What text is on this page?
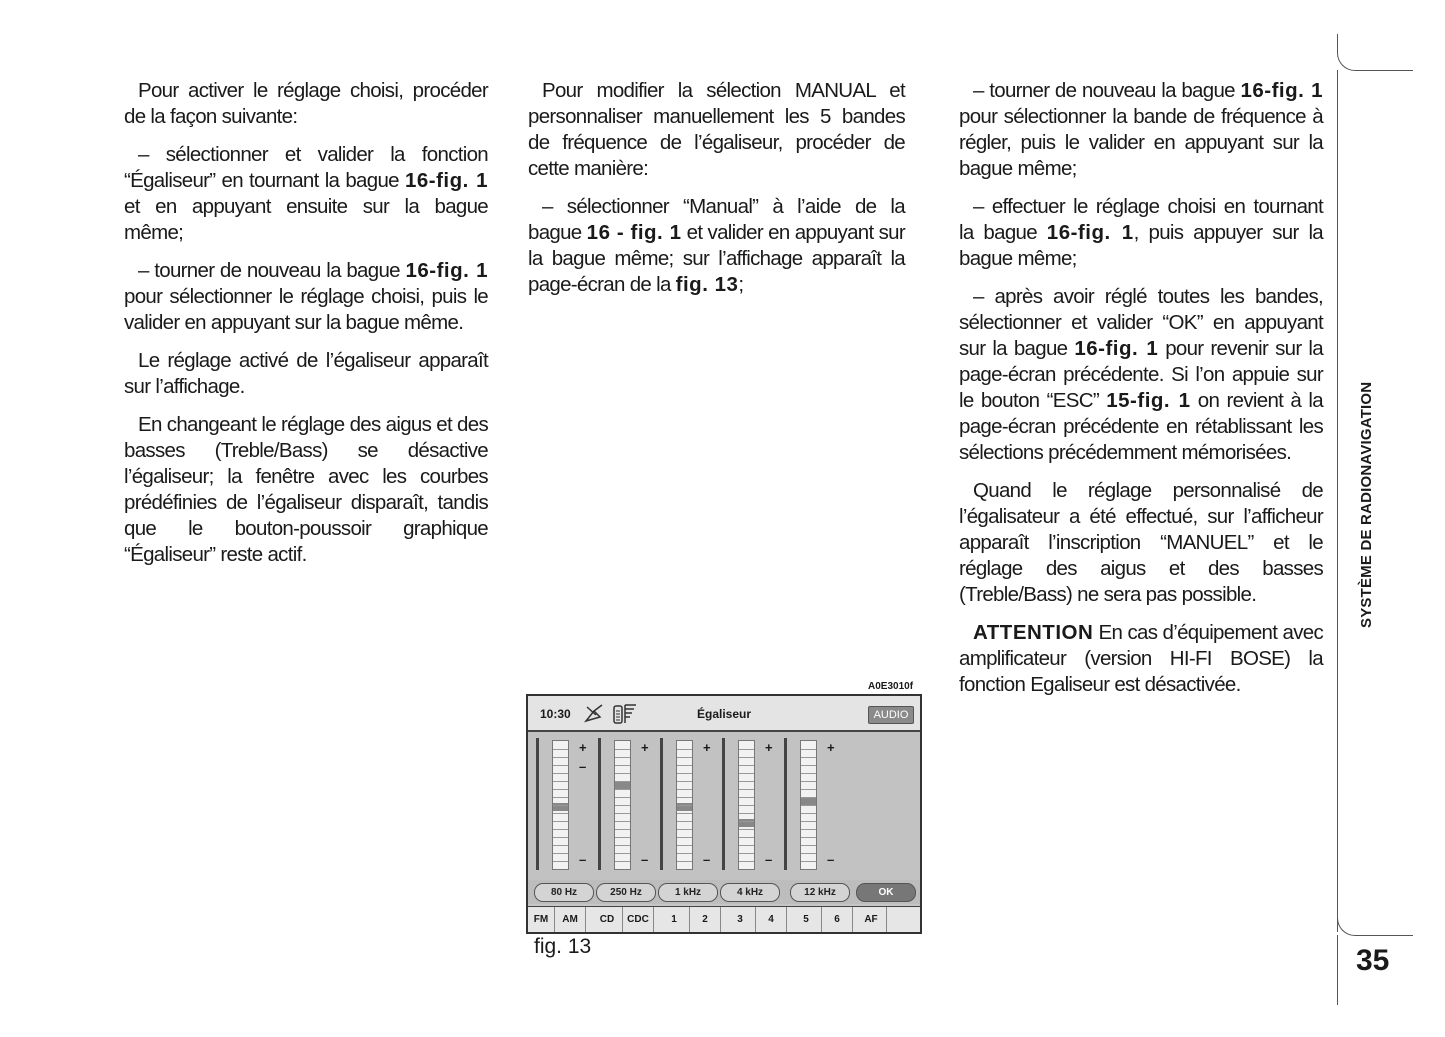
Pour activer le réglage choisi, procéder de la façon suivante:

– sélectionner et valider la fonction “Égaliseur” en tournant la bague 16-fig. 1 et en appuyant ensuite sur la bague même;

– tourner de nouveau la bague 16-fig. 1 pour sélectionner le réglage choisi, puis le valider en appuyant sur la bague même.

Le réglage activé de l’égaliseur apparaît sur l’affichage.

En changeant le réglage des aigus et des basses (Treble/Bass) se désactive l’égaliseur; la fenêtre avec les courbes prédéfinies de l’égaliseur disparaît, tandis que le bouton-poussoir graphique “Égaliseur” reste actif.

Pour modifier la sélection MANUAL et personnaliser manuellement les 5 bandes de fréquence de l’égaliseur, procéder de cette manière:

– sélectionner “Manual” à l’aide de la bague 16 - fig. 1 et valider en appuyant sur la bague même; sur l’affichage apparaît la page-écran de la fig. 13;

– tourner de nouveau la bague 16-fig. 1 pour sélectionner la bande de fréquence à régler, puis le valider en appuyant sur la bague même;

– effectuer le réglage choisi en tournant la bague 16-fig. 1, puis appuyer sur la bague même;

– après avoir réglé toutes les bandes, sélectionner et valider “OK” en appuyant sur la bague 16-fig. 1 pour revenir sur la page-écran précédente. Si l’on appuie sur le bouton “ESC” 15-fig. 1 on revient à la page-écran précédente en rétablissant les sélections précédemment mémorisées.

Quand le réglage personnalisé de l’égalisateur a été effectué, sur l’afficheur apparaît l’inscription “MANUEL” et le réglage des aigus et des basses (Treble/Bass) ne sera pas possible.

ATTENTION En cas d’équipement avec amplificateur (version HI-FI BOSE) la fonction Egaliseur est désactivée.

SYSTÈME DE RADIONAVIGATION
35
A0E3010f
10:30	Égaliseur	AUDIO
+
–
–
+
–
+
–
+
–
+
–
80 Hz	250 Hz	1 kHz	4 kHz	12 kHz	OK
FM	AM	CD	CDC	1	2	3	4	5	6	AF
fig. 13
